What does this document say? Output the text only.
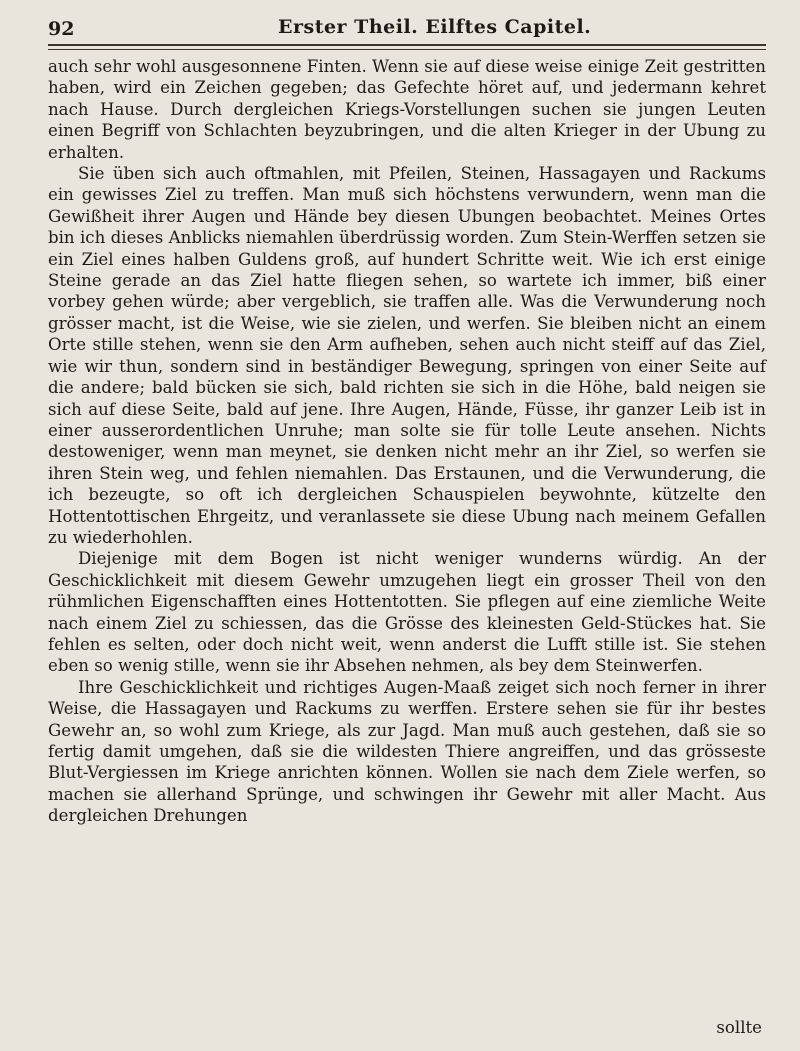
92	Erster Theil. Eilftes Capitel.

auch sehr wohl ausgesonnene Finten. Wenn sie auf diese weise einige Zeit gestritten haben, wird ein Zeichen gegeben; das Gefechte höret auf, und jedermann kehret nach Hause. Durch dergleichen Kriegs-Vorstellungen suchen sie jungen Leuten einen Begriff von Schlachten beyzubringen, und die alten Krieger in der Ubung zu erhalten.

Sie üben sich auch oftmahlen, mit Pfeilen, Steinen, Hassagayen und Rackums ein gewisses Ziel zu treffen. Man muß sich höchstens verwundern, wenn man die Gewißheit ihrer Augen und Hände bey diesen Ubungen beobachtet. Meines Ortes bin ich dieses Anblicks niemahlen überdrüssig worden. Zum Stein-Werffen setzen sie ein Ziel eines halben Guldens groß, auf hundert Schritte weit. Wie ich erst einige Steine gerade an das Ziel hatte fliegen sehen, so wartete ich immer, biß einer vorbey gehen würde; aber vergeblich, sie traffen alle. Was die Verwunderung noch grösser macht, ist die Weise, wie sie zielen, und werfen. Sie bleiben nicht an einem Orte stille stehen, wenn sie den Arm aufheben, sehen auch nicht steiff auf das Ziel, wie wir thun, sondern sind in beständiger Bewegung, springen von einer Seite auf die andere; bald bücken sie sich, bald richten sie sich in die Höhe, bald neigen sie sich auf diese Seite, bald auf jene. Ihre Augen, Hände, Füsse, ihr ganzer Leib ist in einer ausserordentlichen Unruhe; man solte sie für tolle Leute ansehen. Nichts destoweniger, wenn man meynet, sie denken nicht mehr an ihr Ziel, so werfen sie ihren Stein weg, und fehlen niemahlen. Das Erstaunen, und die Verwunderung, die ich bezeugte, so oft ich dergleichen Schauspielen beywohnte, kützelte den Hottentottischen Ehrgeitz, und veranlassete sie diese Ubung nach meinem Gefallen zu wiederhohlen.

Diejenige mit dem Bogen ist nicht weniger wunderns würdig. An der Geschicklichkeit mit diesem Gewehr umzugehen liegt ein grosser Theil von den rühmlichen Eigenschafften eines Hottentotten. Sie pflegen auf eine ziemliche Weite nach einem Ziel zu schiessen, das die Grösse des kleinesten Geld-Stückes hat. Sie fehlen es selten, oder doch nicht weit, wenn anderst die Lufft stille ist. Sie stehen eben so wenig stille, wenn sie ihr Absehen nehmen, als bey dem Steinwerfen.

Ihre Geschicklichkeit und richtiges Augen-Maaß zeiget sich noch ferner in ihrer Weise, die Hassagayen und Rackums zu werffen. Erstere sehen sie für ihr bestes Gewehr an, so wohl zum Kriege, als zur Jagd. Man muß auch gestehen, daß sie so fertig damit umgehen, daß sie die wildesten Thiere angreiffen, und das grösseste Blut-Vergiessen im Kriege anrichten können. Wollen sie nach dem Ziele werfen, so machen sie allerhand Sprünge, und schwingen ihr Gewehr mit aller Macht. Aus dergleichen Drehungen

sollte
